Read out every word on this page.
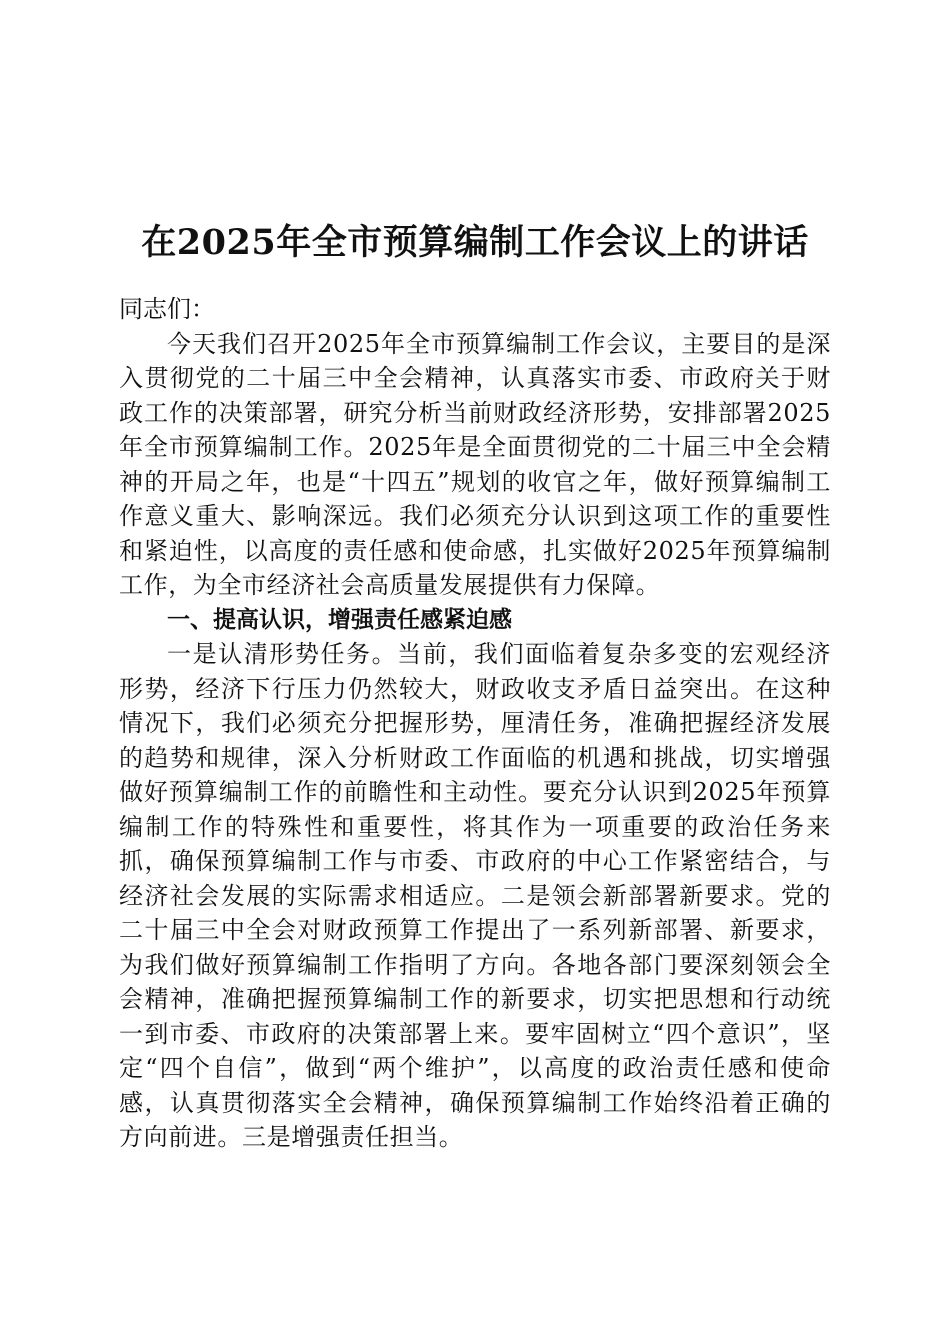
在2025年全市预算编制工作会议上的讲话

同志们：

今天我们召开2025年全市预算编制工作会议，主要目的是深入贯彻党的二十届三中全会精神，认真落实市委、市政府关于财政工作的决策部署，研究分析当前财政经济形势，安排部署2025年全市预算编制工作。2025年是全面贯彻党的二十届三中全会精神的开局之年，也是“十四五”规划的收官之年，做好预算编制工作意义重大、影响深远。我们必须充分认识到这项工作的重要性和紧迫性，以高度的责任感和使命感，扎实做好2025年预算编制工作，为全市经济社会高质量发展提供有力保障。

一、提高认识，增强责任感紧迫感

一是认清形势任务。当前，我们面临着复杂多变的宏观经济形势，经济下行压力仍然较大，财政收支矛盾日益突出。在这种情况下，我们必须充分把握形势，厘清任务，准确把握经济发展的趋势和规律，深入分析财政工作面临的机遇和挑战，切实增强做好预算编制工作的前瞻性和主动性。要充分认识到2025年预算编制工作的特殊性和重要性，将其作为一项重要的政治任务来抓，确保预算编制工作与市委、市政府的中心工作紧密结合，与经济社会发展的实际需求相适应。二是领会新部署新要求。党的二十届三中全会对财政预算工作提出了一系列新部署、新要求，为我们做好预算编制工作指明了方向。各地各部门要深刻领会全会精神，准确把握预算编制工作的新要求，切实把思想和行动统一到市委、市政府的决策部署上来。要牢固树立“四个意识”，坚定“四个自信”，做到“两个维护”，以高度的政治责任感和使命感，认真贯彻落实全会精神，确保预算编制工作始终沿着正确的方向前进。三是增强责任担当。
